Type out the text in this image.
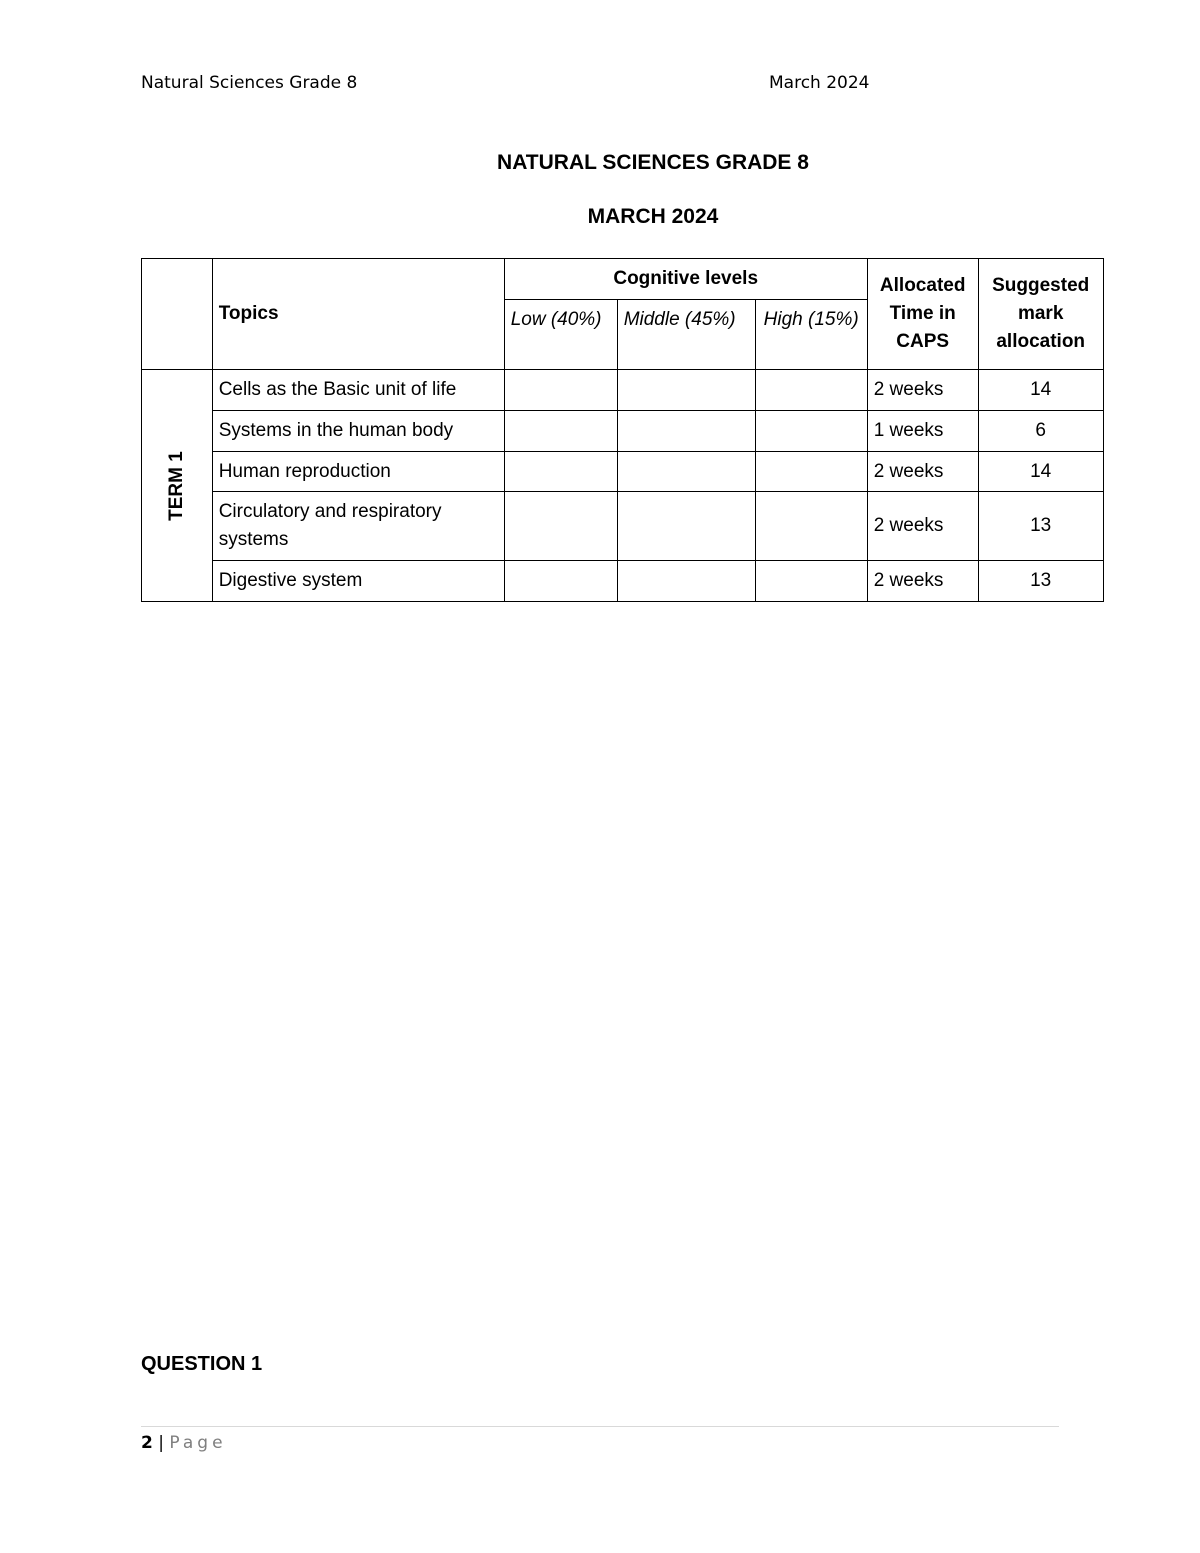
Natural Sciences Grade 8	March 2024
NATURAL SCIENCES GRADE 8
MARCH 2024
	Topics	Cognitive levels			Allocated Time in CAPS	Suggested mark allocation
		Low (40%)	Middle (45%)	High (15%)		
TERM 1	Cells as the Basic unit of life				2 weeks	14
	Systems in the human body				1 weeks	6
	Human reproduction				2 weeks	14
	Circulatory and respiratory systems				2 weeks	13
	Digestive system				2 weeks	13
QUESTION 1
2 | Page
